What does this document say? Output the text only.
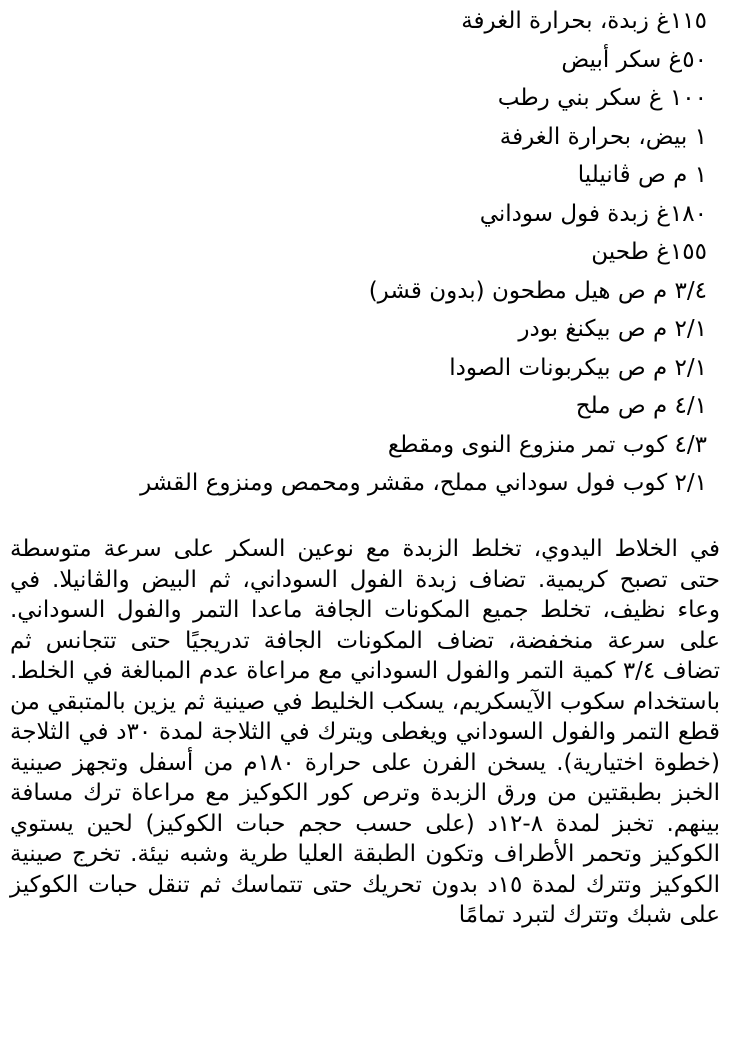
١١٥غ زبدة، بحرارة الغرفة
٥٠غ سكر أبيض
١٠٠ غ سكر بني رطب
١ بيض، بحرارة الغرفة
١ م ص ڤانيليا
١٨٠غ زبدة فول سوداني
١٥٥غ طحين
٣/٤ م ص هيل مطحون (بدون قشر)
٢/١ م ص بيكنغ بودر
٢/١ م ص بيكربونات الصودا
٤/١ م ص ملح
٤/٣ كوب تمر منزوع النوى ومقطع
٢/١ كوب فول سوداني مملح، مقشر ومحمص ومنزوع القشر

في الخلاط اليدوي، تخلط الزبدة مع نوعين السكر على سرعة متوسطة حتى تصبح كريمية. تضاف زبدة الفول السوداني، ثم البيض والڤانيلا. في وعاء نظيف، تخلط جميع المكونات الجافة ماعدا التمر والفول السوداني. على سرعة منخفضة، تضاف المكونات الجافة تدريجيًا حتى تتجانس ثم تضاف ٣/٤ كمية التمر والفول السوداني مع مراعاة عدم المبالغة في الخلط. باستخدام سكوب الآيسكريم، يسكب الخليط في صينية ثم يزين بالمتبقي من قطع التمر والفول السوداني ويغطى ويترك في الثلاجة لمدة ٣٠د في الثلاجة (خطوة اختيارية). يسخن الفرن على حرارة ١٨٠م من أسفل وتجهز صينية الخبز بطبقتين من ورق الزبدة وترص كور الكوكيز مع مراعاة ترك مسافة بينهم. تخبز لمدة ٨-١٢د (على حسب حجم حبات الكوكيز) لحين يستوي الكوكيز وتحمر الأطراف وتكون الطبقة العليا طرية وشبه نيئة. تخرج صينية الكوكيز وتترك لمدة ١٥د بدون تحريك حتى تتماسك ثم تنقل حبات الكوكيز على شبك وتترك لتبرد تمامًا
